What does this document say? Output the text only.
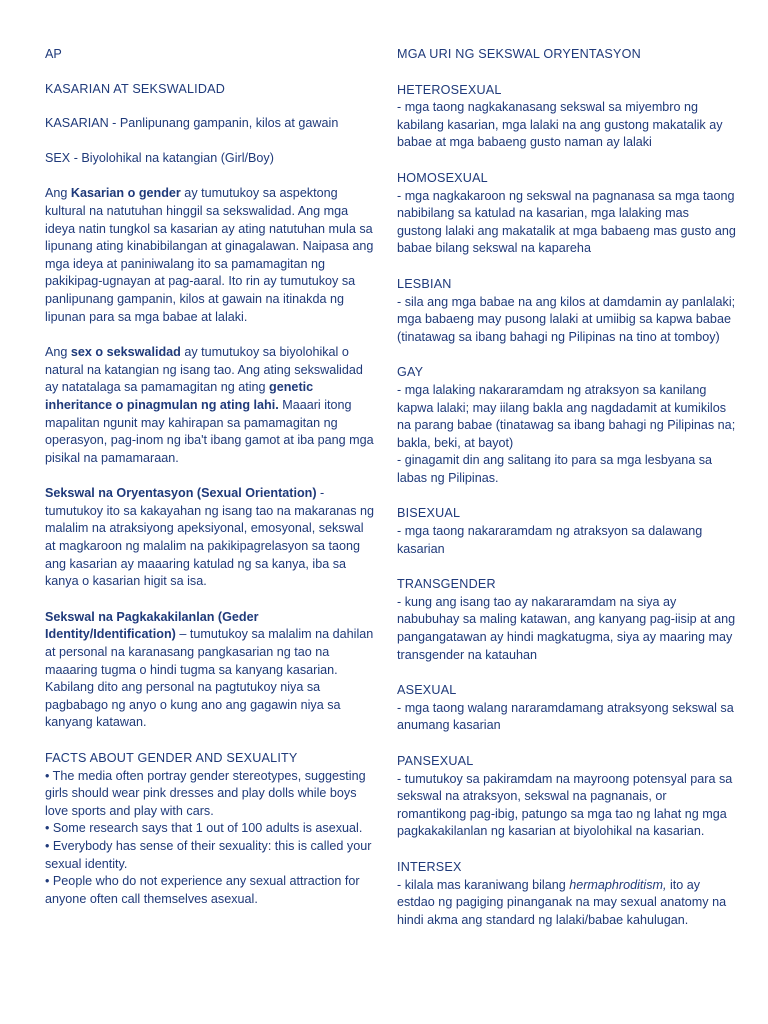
AP

KASARIAN AT SEKSWALIDAD

KASARIAN - Panlipunang gampanin, kilos at gawain

SEX - Biyolohikal na katangian (Girl/Boy)

Ang Kasarian o gender ay tumutukoy sa aspektong kultural na natutuhan hinggil sa sekswalidad. Ang mga ideya natin tungkol sa kasarian ay ating natutuhan mula sa lipunang ating kinabibilangan at ginagalawan. Naipasa ang mga ideya at paniniwalang ito sa pamamagitan ng pakikipag-ugnayan at pag-aaral. Ito rin ay tumutukoy sa panlipunang gampanin, kilos at gawain na itinakda ng lipunan para sa mga babae at lalaki.

Ang sex o sekswalidad ay tumutukoy sa biyolohikal o natural na katangian ng isang tao. Ang ating sekswalidad ay natatalaga sa pamamagitan ng ating genetic inheritance o pinagmulan ng ating lahi. Maaari itong mapalitan ngunit may kahirapan sa pamamagitan ng operasyon, pag-inom ng iba't ibang gamot at iba pang mga pisikal na pamamaraan.

Sekswal na Oryentasyon (Sexual Orientation) - tumutukoy ito sa kakayahan ng isang tao na makaranas ng malalim na atraksiyong apeksiyonal, emosyonal, sekswal at magkaroon ng malalim na pakikipagrelasyon sa taong ang kasarian ay maaaring katulad ng sa kanya, iba sa kanya o kasarian higit sa isa.

Sekswal na Pagkakakilanlan (Geder Identity/Identification) – tumutukoy sa malalim na dahilan at personal na karanasang pangkasarian ng tao na maaaring tugma o hindi tugma sa kanyang kasarian. Kabilang dito ang personal na pagtutukoy niya sa pagbabago ng anyo o kung ano ang gagawin niya sa kanyang katawan.

FACTS ABOUT GENDER AND SEXUALITY

• The media often portray gender stereotypes, suggesting girls should wear pink dresses and play dolls while boys love sports and play with cars.

• Some research says that 1 out of 100 adults is asexual.

• Everybody has sense of their sexuality: this is called your sexual identity.

• People who do not experience any sexual attraction for anyone often call themselves asexual.

MGA URI NG SEKSWAL ORYENTASYON

HETEROSEXUAL

- mga taong nagkakanasang sekswal sa miyembro ng kabilang kasarian, mga lalaki na ang gustong makatalik ay babae at mga babaeng gusto naman ay lalaki

HOMOSEXUAL

- mga nagkakaroon ng sekswal na pagnanasa sa mga taong nabibilang sa katulad na kasarian, mga lalaking mas gustong lalaki ang makatalik at mga babaeng mas gusto ang babae bilang sekswal na kapareha

LESBIAN

- sila ang mga babae na ang kilos at damdamin ay panlalaki; mga babaeng may pusong lalaki at umiibig sa kapwa babae (tinatawag sa ibang bahagi ng Pilipinas na tino at tomboy)

GAY

- mga lalaking nakararamdam ng atraksyon sa kanilang kapwa lalaki; may iilang bakla ang nagdadamit at kumikilos na parang babae (tinatawag sa ibang bahagi ng Pilipinas na; bakla, beki, at bayot)

- ginagamit din ang salitang ito para sa mga lesbyana sa labas ng Pilipinas.

BISEXUAL

- mga taong nakararamdam ng atraksyon sa dalawang kasarian

TRANSGENDER

- kung ang isang tao ay nakararamdam na siya ay nabubuhay sa maling katawan, ang kanyang pag-iisip at ang pangangatawan ay hindi magkatugma, siya ay maaring may transgender na katauhan

ASEXUAL

- mga taong walang nararamdamang atraksyong sekswal sa anumang kasarian

PANSEXUAL

- tumutukoy sa pakiramdam na mayroong potensyal para sa sekswal na atraksyon, sekswal na pagnanais, or romantikong pag-ibig, patungo sa mga tao ng lahat ng mga pagkakakilanlan ng kasarian at biyolohikal na kasarian.

INTERSEX

- kilala mas karaniwang bilang hermaphroditism, ito ay estdao ng pagiging pinanganak na may sexual anatomy na hindi akma ang standard ng lalaki/babae kahulugan.
